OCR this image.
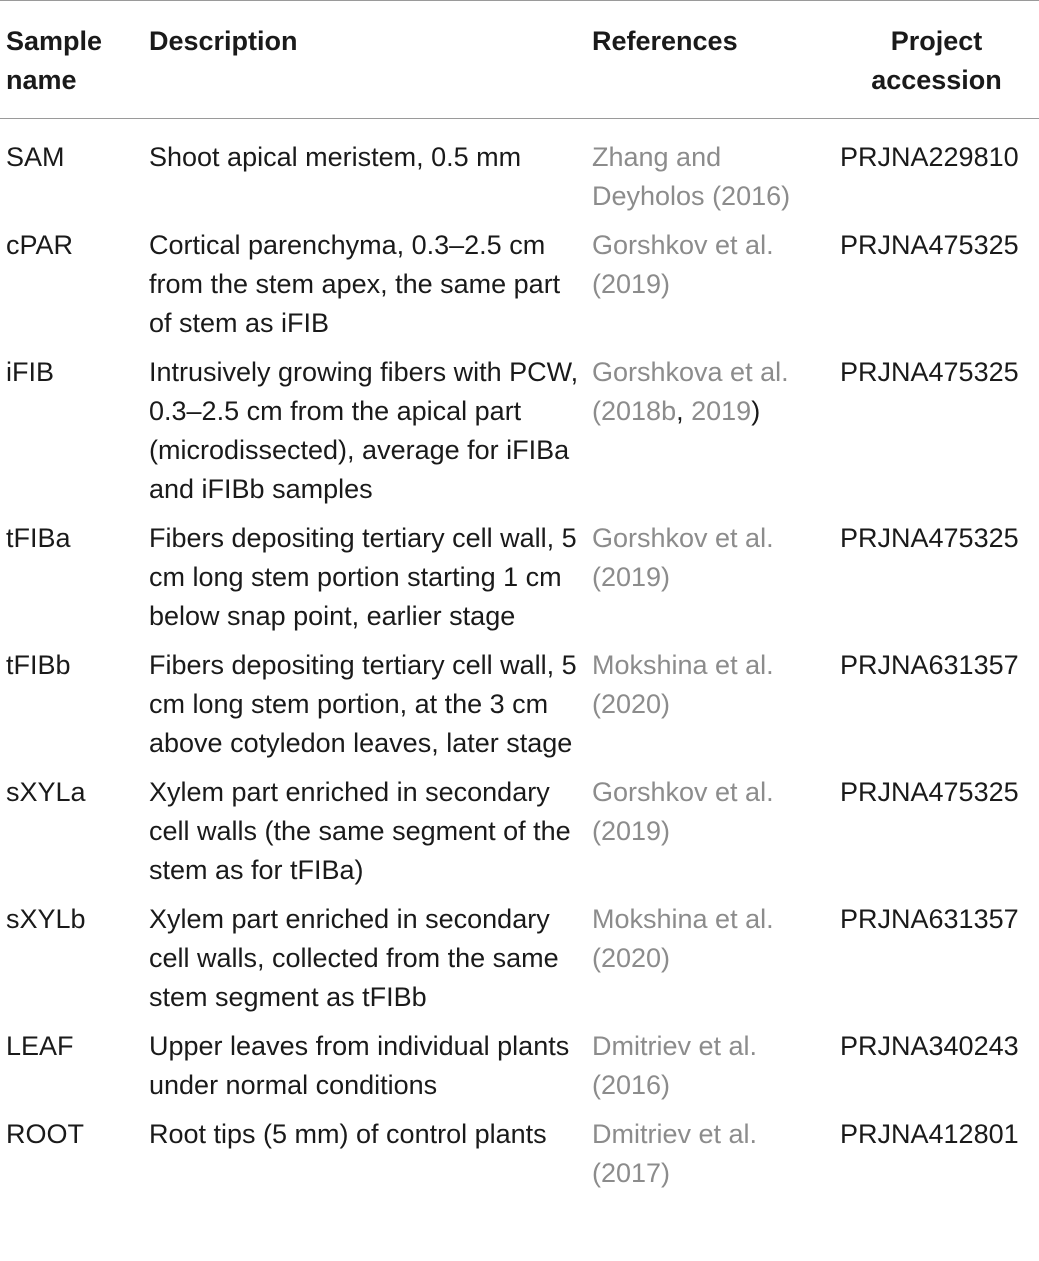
Sample name	Description	References	Project accession
SAM	Shoot apical meristem, 0.5 mm	Zhang and Deyholos (2016)	PRJNA229810
cPAR	Cortical parenchyma, 0.3–2.5 cm from the stem apex, the same part of stem as iFIB	Gorshkov et al. (2019)	PRJNA475325
iFIB	Intrusively growing fibers with PCW, 0.3–2.5 cm from the apical part (microdissected), average for iFIBa and iFIBb samples	Gorshkova et al. (2018b, 2019)	PRJNA475325
tFIBa	Fibers depositing tertiary cell wall, 5 cm long stem portion starting 1 cm below snap point, earlier stage	Gorshkov et al. (2019)	PRJNA475325
tFIBb	Fibers depositing tertiary cell wall, 5 cm long stem portion, at the 3 cm above cotyledon leaves, later stage	Mokshina et al. (2020)	PRJNA631357
sXYLa	Xylem part enriched in secondary cell walls (the same segment of the stem as for tFIBa)	Gorshkov et al. (2019)	PRJNA475325
sXYLb	Xylem part enriched in secondary cell walls, collected from the same stem segment as tFIBb	Mokshina et al. (2020)	PRJNA631357
LEAF	Upper leaves from individual plants under normal conditions	Dmitriev et al. (2016)	PRJNA340243
ROOT	Root tips (5 mm) of control plants	Dmitriev et al. (2017)	PRJNA412801
